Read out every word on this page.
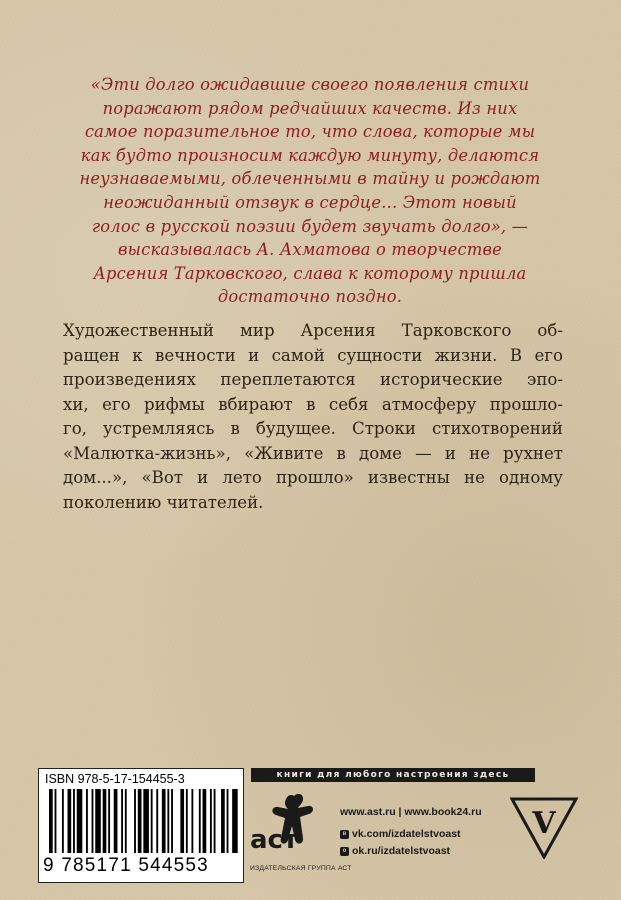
«Эти долго ожидавшие своего появления стихи
поражают рядом редчайших качеств. Из них
самое поразительное то, что слова, которые мы
как будто произносим каждую минуту, делаются
неузнаваемыми, облеченными в тайну и рождают
неожиданный отзвук в сердце... Этот новый
голос в русской поэзии будет звучать долго», —
высказывалась А. Ахматова о творчестве
Арсения Тарковского, слава к которому пришла
достаточно поздно.
Художественный мир Арсения Тарковского об-
ращен к вечности и самой сущности жизни. В его
произведениях переплетаются исторические эпо-
хи, его рифмы вбирают в себя атмосферу прошло-
го, устремляясь в будущее. Строки стихотворений
«Малютка-жизнь», «Живите в доме — и не рухнет
дом...», «Вот и лето прошло» известны не одному
поколению читателей.
ISBN 978-5-17-154455-3
9 785171 544553
книги для любого настроения здесь
аст
ИЗДАТЕЛЬСКАЯ ГРУППА АСТ
www.ast.ru | www.book24.ru
в vk.com/izdatelstvoast
о ok.ru/izdatelstvoast
V
